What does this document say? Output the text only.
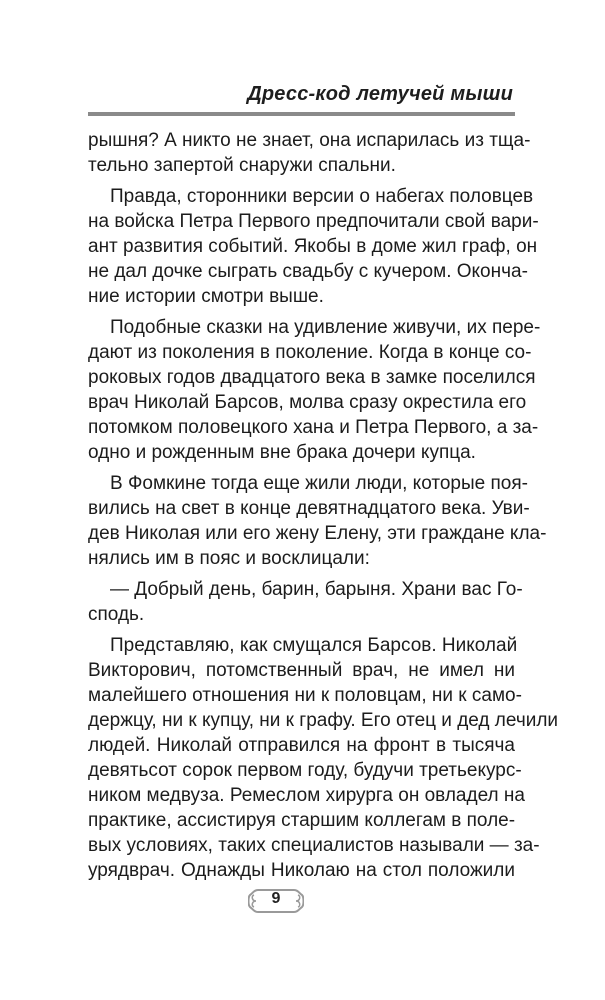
Дресс-код летучей мыши
рышня? А никто не знает, она испарилась из тща-
тельно запертой снаружи спальни.
Правда, сторонники версии о набегах половцев
на войска Петра Первого предпочитали свой вари-
ант развития событий. Якобы в доме жил граф, он
не дал дочке сыграть свадьбу с кучером. Оконча-
ние истории смотри выше.
Подобные сказки на удивление живучи, их пере-
дают из поколения в поколение. Когда в конце со-
роковых годов двадцатого века в замке поселился
врач Николай Барсов, молва сразу окрестила его
потомком половецкого хана и Петра Первого, а за-
одно и рожденным вне брака дочери купца.
В Фомкине тогда еще жили люди, которые поя-
вились на свет в конце девятнадцатого века. Уви-
дев Николая или его жену Елену, эти граждане кла-
нялись им в пояс и восклицали:
— Добрый день, барин, барыня. Храни вас Го-
сподь.
Представляю, как смущался Барсов. Николай
Викторович, потомственный врач, не имел ни
малейшего отношения ни к половцам, ни к само-
держцу, ни к купцу, ни к графу. Его отец и дед лечили
людей. Николай отправился на фронт в тысяча
девятьсот сорок первом году, будучи третьекурс-
ником медвуза. Ремеслом хирурга он овладел на
практике, ассистируя старшим коллегам в поле-
вых условиях, таких специалистов называли — за-
урядврач. Однажды Николаю на стол положили
9
